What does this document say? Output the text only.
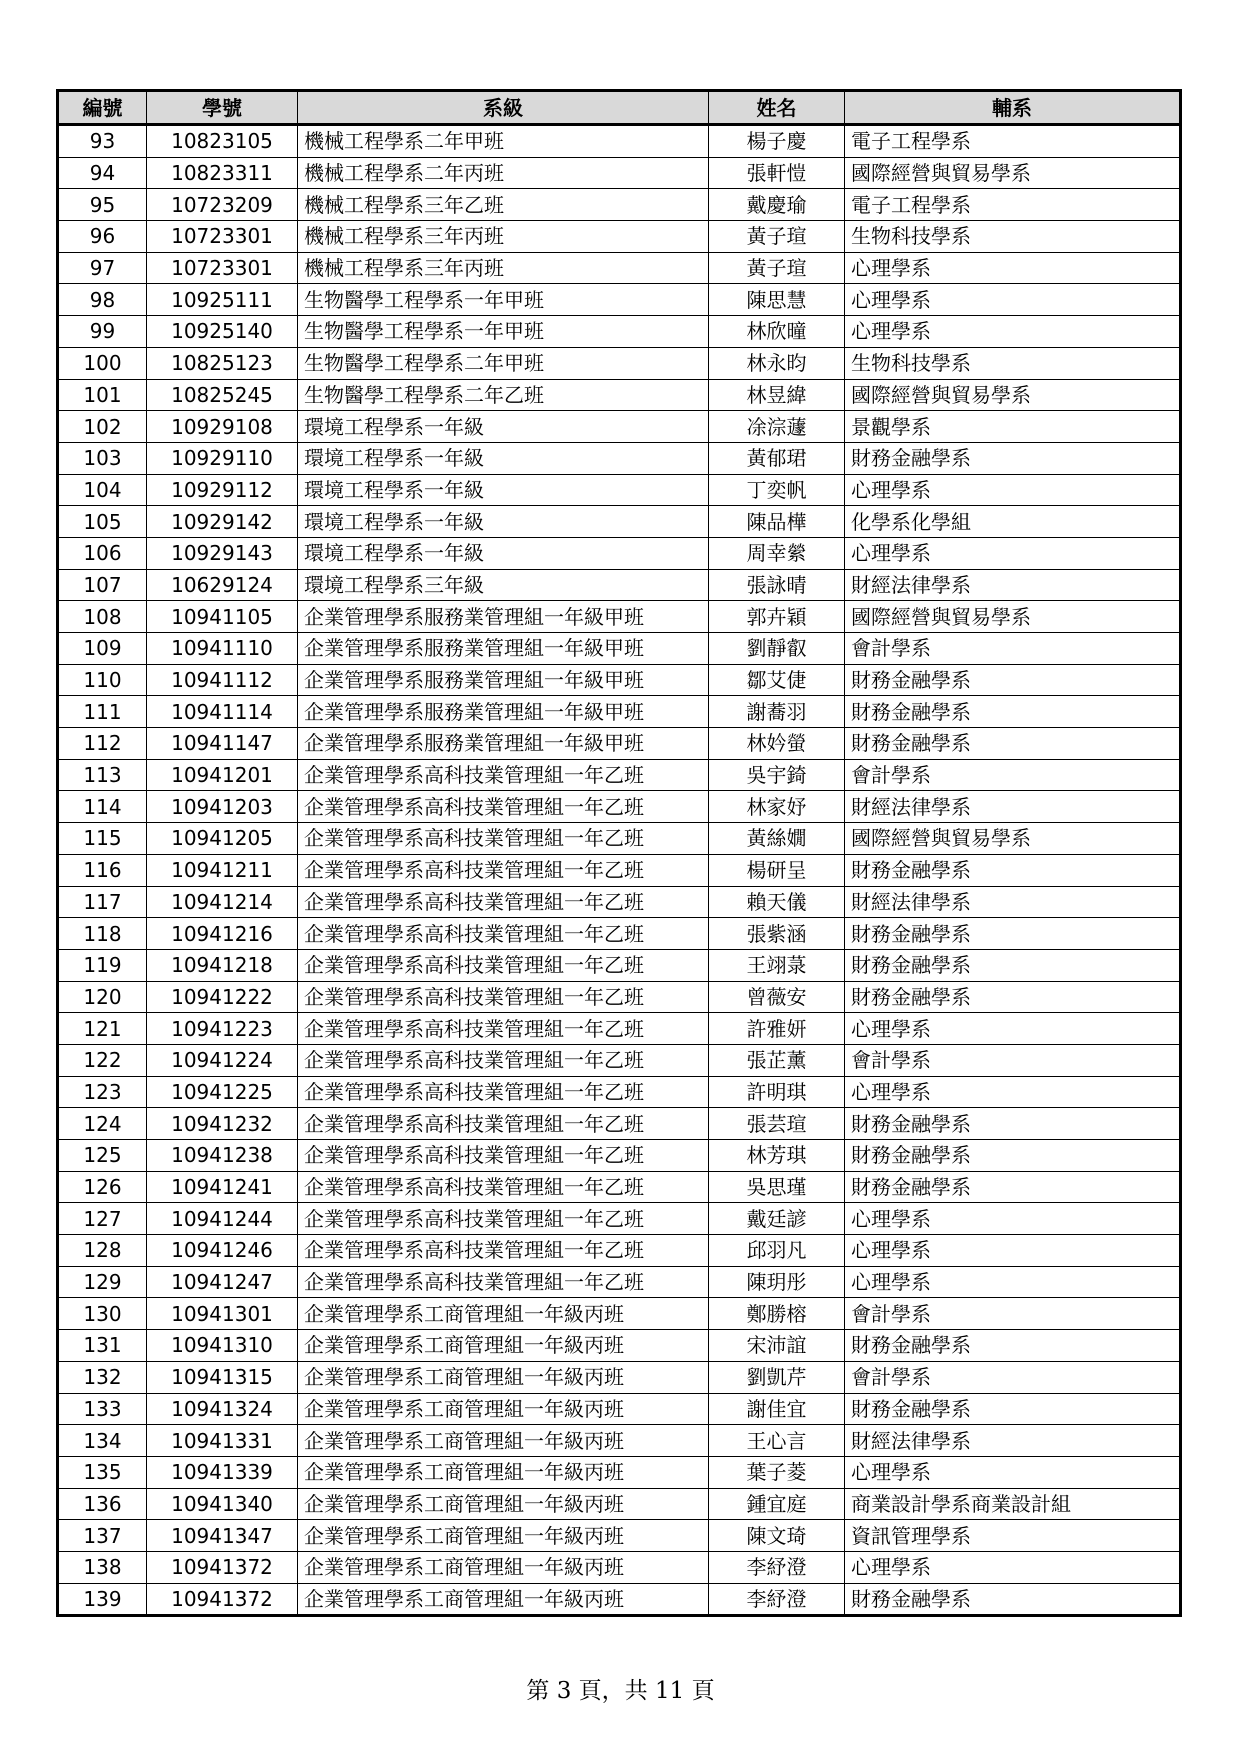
編號	學號	系級	姓名	輔系
93	10823105	機械工程學系二年甲班	楊子慶	電子工程學系
94	10823311	機械工程學系二年丙班	張軒愷	國際經營與貿易學系
95	10723209	機械工程學系三年乙班	戴慶瑜	電子工程學系
96	10723301	機械工程學系三年丙班	黃子瑄	生物科技學系
97	10723301	機械工程學系三年丙班	黃子瑄	心理學系
98	10925111	生物醫學工程學系一年甲班	陳思慧	心理學系
99	10925140	生物醫學工程學系一年甲班	林欣曈	心理學系
100	10825123	生物醫學工程學系二年甲班	林永昀	生物科技學系
101	10825245	生物醫學工程學系二年乙班	林昱緯	國際經營與貿易學系
102	10929108	環境工程學系一年級	凃淙蘧	景觀學系
103	10929110	環境工程學系一年級	黃郁珺	財務金融學系
104	10929112	環境工程學系一年級	丁奕帆	心理學系
105	10929142	環境工程學系一年級	陳品樺	化學系化學組
106	10929143	環境工程學系一年級	周幸縈	心理學系
107	10629124	環境工程學系三年級	張詠晴	財經法律學系
108	10941105	企業管理學系服務業管理組一年級甲班	郭卉穎	國際經營與貿易學系
109	10941110	企業管理學系服務業管理組一年級甲班	劉靜叡	會計學系
110	10941112	企業管理學系服務業管理組一年級甲班	鄒艾倢	財務金融學系
111	10941114	企業管理學系服務業管理組一年級甲班	謝蕎羽	財務金融學系
112	10941147	企業管理學系服務業管理組一年級甲班	林妗螢	財務金融學系
113	10941201	企業管理學系高科技業管理組一年乙班	吳宇錡	會計學系
114	10941203	企業管理學系高科技業管理組一年乙班	林家妤	財經法律學系
115	10941205	企業管理學系高科技業管理組一年乙班	黃絲嫺	國際經營與貿易學系
116	10941211	企業管理學系高科技業管理組一年乙班	楊研呈	財務金融學系
117	10941214	企業管理學系高科技業管理組一年乙班	賴天儀	財經法律學系
118	10941216	企業管理學系高科技業管理組一年乙班	張紫涵	財務金融學系
119	10941218	企業管理學系高科技業管理組一年乙班	王翊菉	財務金融學系
120	10941222	企業管理學系高科技業管理組一年乙班	曾薇安	財務金融學系
121	10941223	企業管理學系高科技業管理組一年乙班	許雅妍	心理學系
122	10941224	企業管理學系高科技業管理組一年乙班	張芷薰	會計學系
123	10941225	企業管理學系高科技業管理組一年乙班	許明琪	心理學系
124	10941232	企業管理學系高科技業管理組一年乙班	張芸瑄	財務金融學系
125	10941238	企業管理學系高科技業管理組一年乙班	林芳琪	財務金融學系
126	10941241	企業管理學系高科技業管理組一年乙班	吳思瑾	財務金融學系
127	10941244	企業管理學系高科技業管理組一年乙班	戴廷諺	心理學系
128	10941246	企業管理學系高科技業管理組一年乙班	邱羽凡	心理學系
129	10941247	企業管理學系高科技業管理組一年乙班	陳玥彤	心理學系
130	10941301	企業管理學系工商管理組一年級丙班	鄭勝榕	會計學系
131	10941310	企業管理學系工商管理組一年級丙班	宋沛誼	財務金融學系
132	10941315	企業管理學系工商管理組一年級丙班	劉凱芹	會計學系
133	10941324	企業管理學系工商管理組一年級丙班	謝佳宜	財務金融學系
134	10941331	企業管理學系工商管理組一年級丙班	王心言	財經法律學系
135	10941339	企業管理學系工商管理組一年級丙班	葉子菱	心理學系
136	10941340	企業管理學系工商管理組一年級丙班	鍾宜庭	商業設計學系商業設計組
137	10941347	企業管理學系工商管理組一年級丙班	陳文琦	資訊管理學系
138	10941372	企業管理學系工商管理組一年級丙班	李紓澄	心理學系
139	10941372	企業管理學系工商管理組一年級丙班	李紓澄	財務金融學系
第 3 頁，共 11 頁
